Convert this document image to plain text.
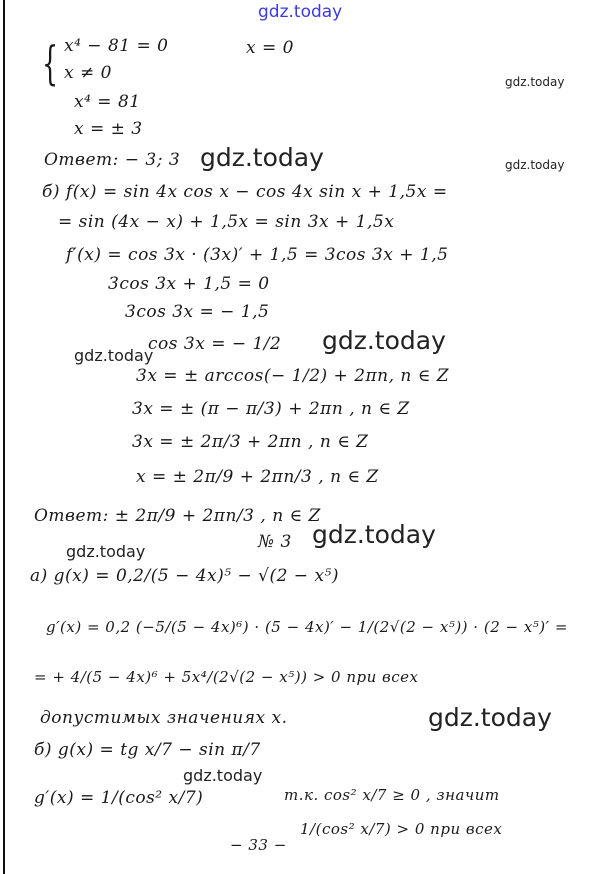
gdz.today
{ x⁴ − 81 = 0	x = 0
x ≠ 0	gdz.today
x⁴ = 81
x = ± 3
Ответ: − 3; 3 gdz.today	gdz.today
б) f(x) = sin 4x cos x − cos 4x sin x + 1,5x =
= sin (4x − x) + 1,5x = sin 3x + 1,5x
f′(x) = cos 3x · (3x)′ + 1,5 = 3cos 3x + 1,5
3cos 3x + 1,5 = 0
3cos 3x = − 1,5
cos 3x = − 1/2 gdz.today
gdz.today
3x = ± arccos(− 1/2) + 2πn, n ∈ Z
3x = ± (π − π/3) + 2πn , n ∈ Z
3x = ± 2π/3 + 2πn , n ∈ Z
x = ± 2π/9 + 2πn/3 , n ∈ Z
Ответ: ± 2π/9 + 2πn/3 , n ∈ Z
gdz.today
№ 3
gdz.today
а) g(x) = 0,2/(5 − 4x)⁵ − √(2 − x⁵)
g′(x) = 0,2 (−5/(5 − 4x)⁶) · (5 − 4x)′ − 1/(2√(2 − x⁵)) · (2 − x⁵)′ =
= + 4/(5 − 4x)⁶ + 5x⁴/(2√(2 − x⁵)) > 0 при всех
допустимых значениях x.	gdz.today
б) g(x) = tg x/7 − sin π/7
gdz.today
g′(x) = 1/(cos² x/7)	т.к. cos² x/7 ≥ 0 , значит
1/(cos² x/7) > 0 при всех
− 33 −
